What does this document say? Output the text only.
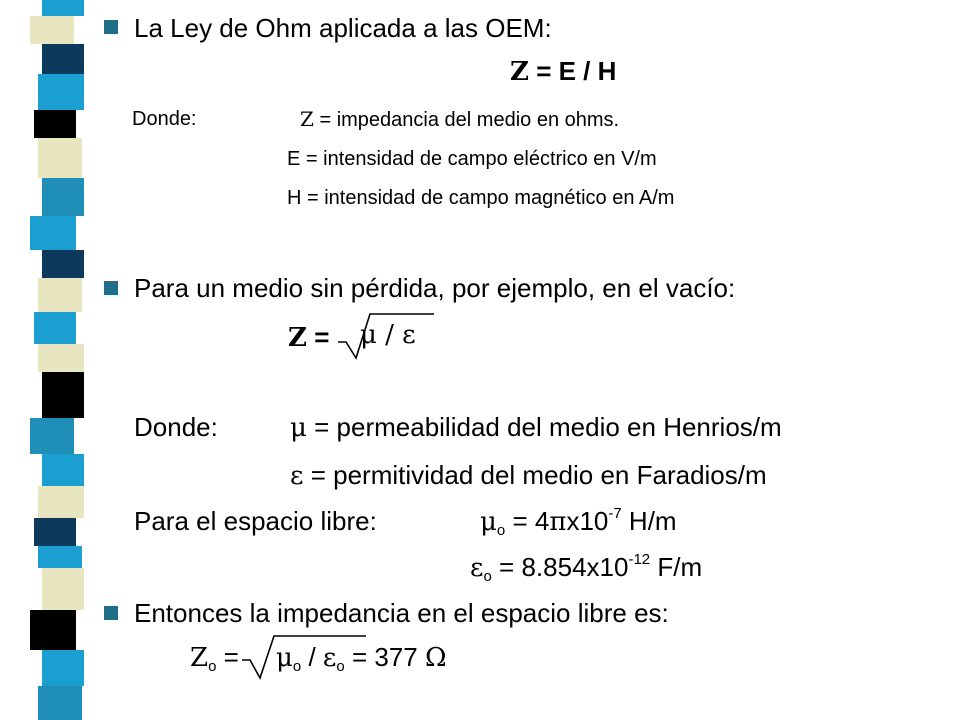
La Ley de Ohm aplicada a las OEM:
Z = E / H
Donde:	Z = impedancia del medio en ohms.
E = intensidad de campo eléctrico en V/m
H = intensidad de campo magnético en A/m
Para un medio sin pérdida, por ejemplo, en el vacío:
Z = μ / ε
Donde:	μ = permeabilidad del medio en Henrios/m
ε = permitividad del medio en Faradios/m
Para el espacio libre:	$\mu o = 4\pi x10^{-7}$ H/m
$\varepsilon o = 8.854x10^{-12}$ F/m
Entonces la impedancia en el espacio libre es:
Zo = μo / εo = 377 Ω
